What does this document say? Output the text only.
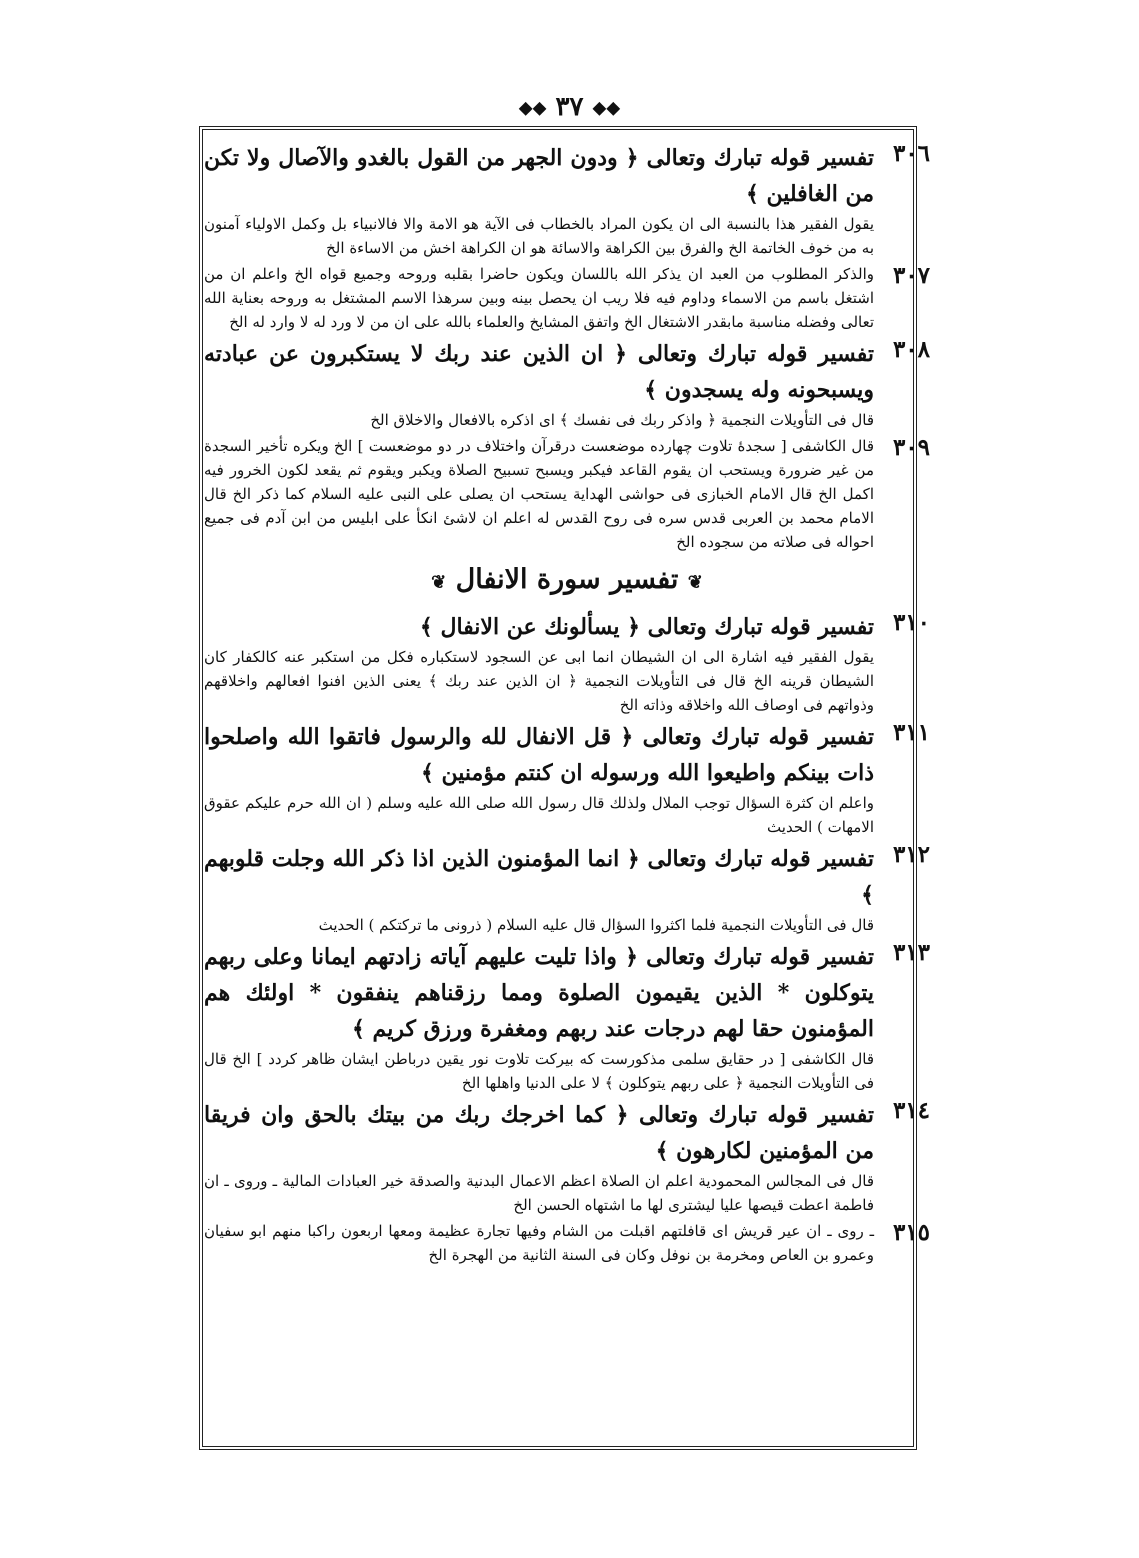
◆◆ ٣٧ ◆◆
٣٠٦
تفسير قوله تبارك وتعالى ﴿ ودون الجهر من القول بالغدو والآصال ولا تكن من الغافلين ﴾
يقول الفقير هذا بالنسبة الى ان يكون المراد بالخطاب فى الآية هو الامة والا فالانبياء بل وكمل الاولياء آمنون به من خوف الخاتمة الخ والفرق بين الكراهة والاسائة هو ان الكراهة اخش من الاساءة الخ
٣٠٧
والذكر المطلوب من العبد ان يذكر الله باللسان ويكون حاضرا بقلبه وروحه وجميع قواه الخ واعلم ان من اشتغل باسم من الاسماء وداوم فيه فلا ريب ان يحصل بينه وبين سرهذا الاسم المشتغل به وروحه بعناية الله تعالى وفضله مناسبة مابقدر الاشتغال الخ واتفق المشايخ والعلماء بالله على ان من لا ورد له لا وارد له الخ
٣٠٨
تفسير قوله تبارك وتعالى ﴿ ان الذين عند ربك لا يستكبرون عن عبادته ويسبحونه وله يسجدون ﴾
قال فى التأويلات النجمية ﴿ واذكر ربك فى نفسك ﴾ اى اذكره بالافعال والاخلاق الخ
٣٠٩
قال الكاشفى [ سجدهٔ تلاوت چهارده موضعست درقرآن واختلاف در دو موضعست ] الخ ويكره تأخير السجدة من غير ضرورة ويستحب ان يقوم القاعد فيكبر ويسبح تسبيح الصلاة ويكبر ويقوم ثم يقعد لكون الخرور فيه اكمل الخ قال الامام الخبازى فى حواشى الهداية يستحب ان يصلى على النبى عليه السلام كما ذكر الخ قال الامام محمد بن العربى قدس سره فى روح القدس له اعلم ان لاشئ انكأ على ابليس من ابن آدم فى جميع احواله فى صلاته من سجوده الخ
❦ تفسير سورة الانفال ❦
٣١٠
تفسير قوله تبارك وتعالى ﴿ يسألونك عن الانفال ﴾
يقول الفقير فيه اشارة الى ان الشيطان انما ابى عن السجود لاستكباره فكل من استكبر عنه كالكفار كان الشيطان قرينه الخ قال فى التأويلات النجمية ﴿ ان الذين عند ربك ﴾ يعنى الذين افنوا افعالهم واخلاقهم وذواتهم فى اوصاف الله واخلاقه وذاته الخ
٣١١
تفسير قوله تبارك وتعالى ﴿ قل الانفال لله والرسول فاتقوا الله واصلحوا ذات بينكم واطيعوا الله ورسوله ان كنتم مؤمنين ﴾
واعلم ان كثرة السؤال توجب الملال ولذلك قال رسول الله صلى الله عليه وسلم ( ان الله حرم عليكم عقوق الامهات ) الحديث
٣١٢
تفسير قوله تبارك وتعالى ﴿ انما المؤمنون الذين اذا ذكر الله وجلت قلوبهم ﴾
قال فى التأويلات النجمية فلما اكثروا السؤال قال عليه السلام ( ذرونى ما تركتكم ) الحديث
٣١٣
تفسير قوله تبارك وتعالى ﴿ واذا تليت عليهم آياته زادتهم ايمانا وعلى ربهم يتوكلون * الذين يقيمون الصلوة ومما رزقناهم ينفقون * اولئك هم المؤمنون حقا لهم درجات عند ربهم ومغفرة ورزق كريم ﴾
قال الكاشفى [ در حقايق سلمى مذكورست كه بيركت تلاوت نور يقين درباطن ايشان ظاهر كردد ] الخ قال فى التأويلات النجمية ﴿ على ربهم يتوكلون ﴾ لا على الدنيا واهلها الخ
٣١٤
تفسير قوله تبارك وتعالى ﴿ كما اخرجك ربك من بيتك بالحق وان فريقا من المؤمنين لكارهون ﴾
قال فى المجالس المحمودية اعلم ان الصلاة اعظم الاعمال البدنية والصدقة خير العبادات المالية ـ وروى ـ ان فاطمة اعطت قيصها عليا ليشترى لها ما اشتهاه الحسن الخ
٣١٥
ـ روى ـ ان عير قريش اى قافلتهم اقبلت من الشام وفيها تجارة عظيمة ومعها اربعون راكبا منهم ابو سفيان وعمرو بن العاص ومخرمة بن نوفل وكان فى السنة الثانية من الهجرة الخ
